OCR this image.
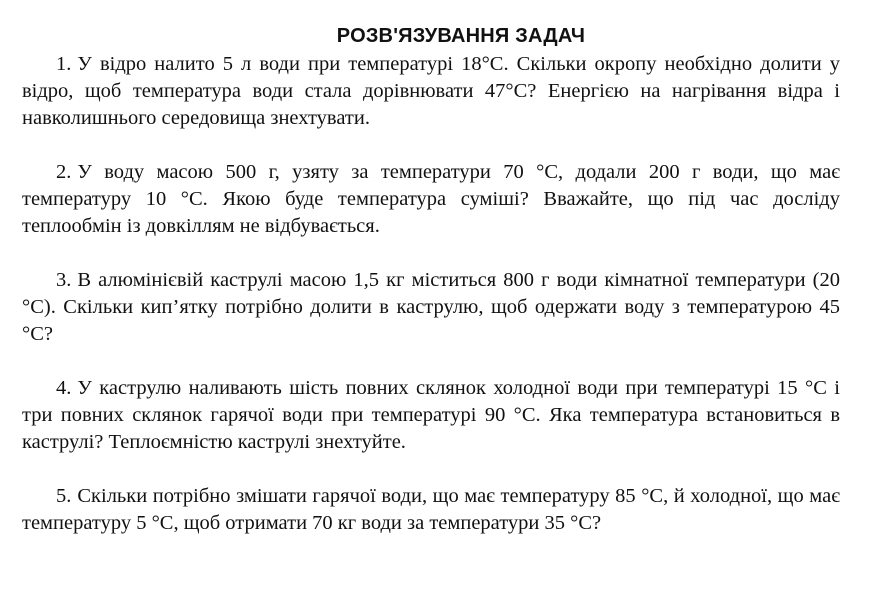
РОЗВ'ЯЗУВАННЯ ЗАДАЧ

1. У відро налито 5 л води при температурі 18°С. Скільки окропу необхідно долити у відро, щоб температура води стала дорівнювати 47°С? Енергією на нагрівання відра і навколишнього середовища знехтувати.

2. У воду масою 500 г, узяту за температури 70 °С, додали 200 г води, що має температуру 10 °С. Якою буде температура суміші? Вважайте, що під час досліду теплообмін із довкіллям не відбувається.

3. В алюмінієвій каструлі масою 1,5 кг міститься 800 г води кімнатної температури (20 °С). Скільки кип’ятку потрібно долити в каструлю, щоб одержати воду з температурою 45 °С?

4. У каструлю наливають шість повних склянок холодної води при температурі 15 °С і три повних склянок гарячої води при температурі 90 °С. Яка температура встановиться в каструлі? Теплоємністю каструлі знехтуйте.

5. Скільки потрібно змішати гарячої води, що має температуру 85 °С, й холодної, що має температуру 5 °С, щоб отримати 70 кг води за температури 35 °С?
